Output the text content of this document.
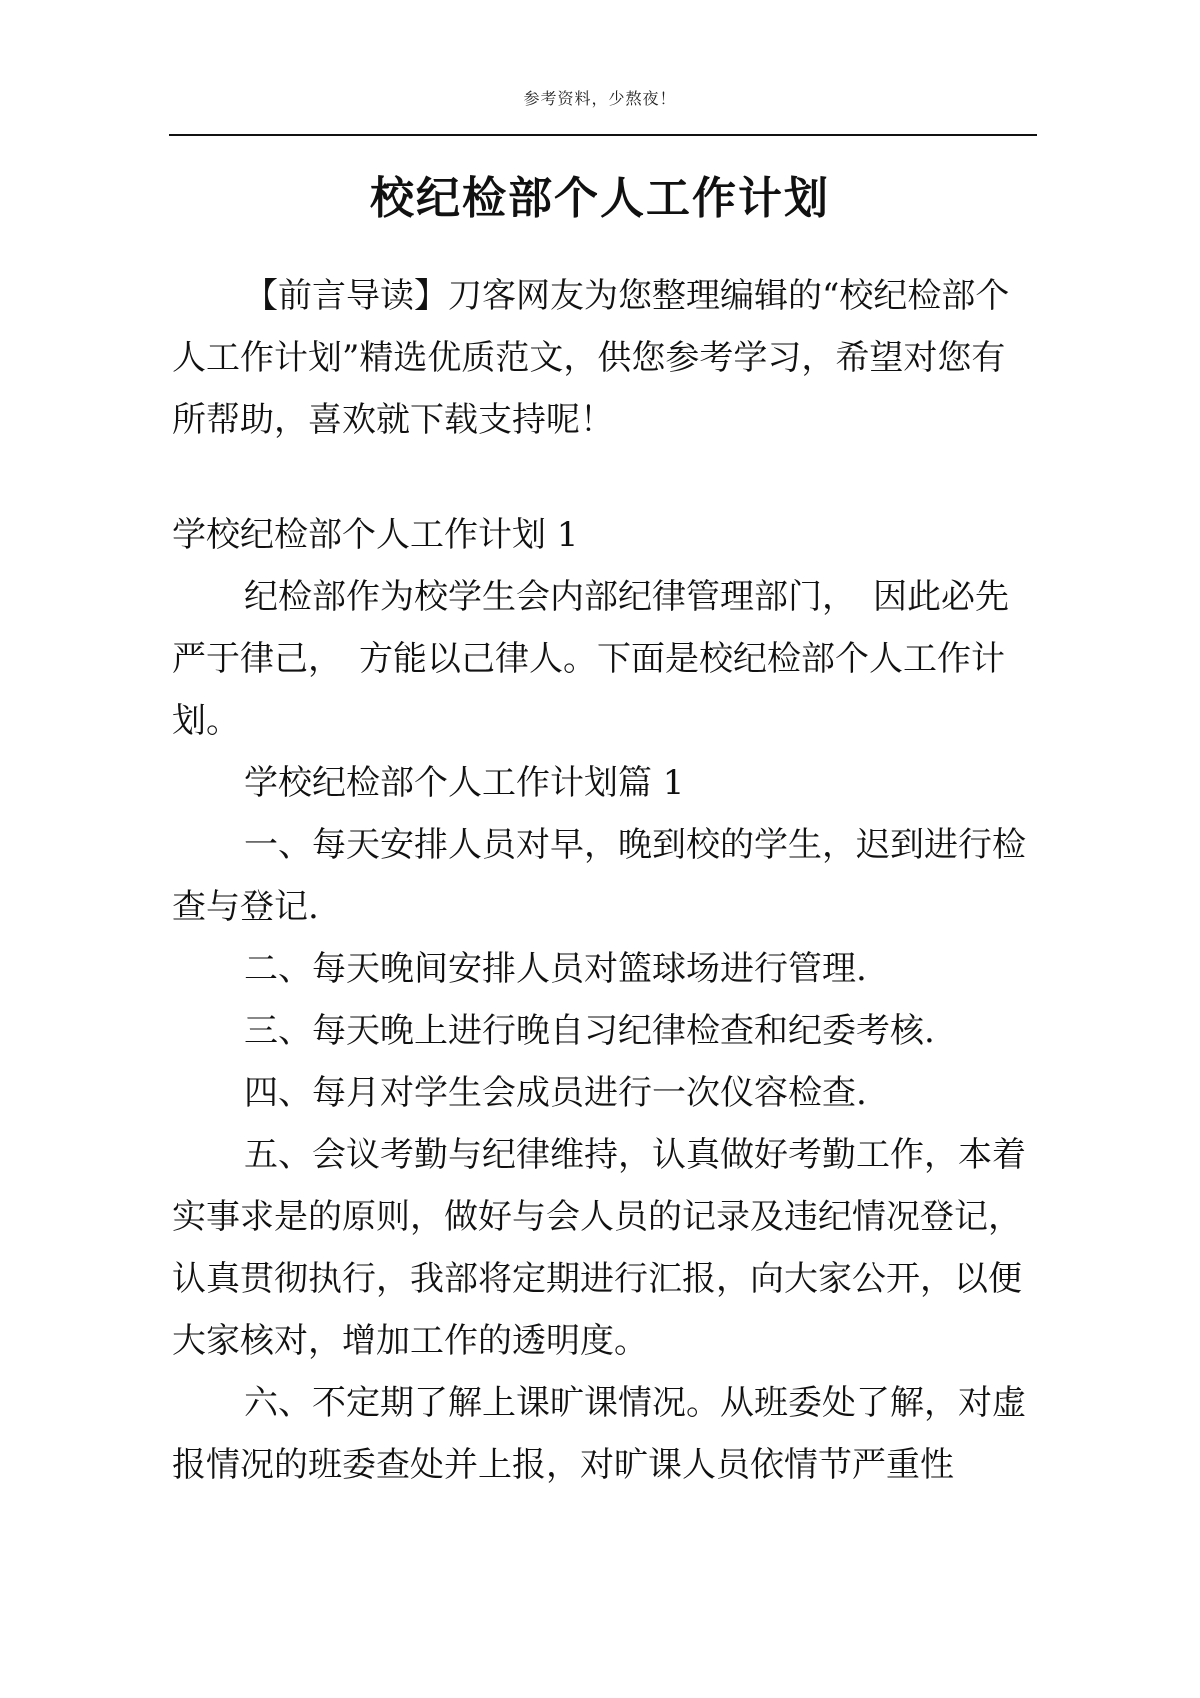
参考资料，少熬夜！
校纪检部个人工作计划

【前言导读】刀客网友为您整理编辑的“校纪检部个人工作计划”精选优质范文，供您参考学习，希望对您有所帮助，喜欢就下载支持呢！

学校纪检部个人工作计划 1

纪检部作为校学生会内部纪律管理部门，　因此必先严于律己，　方能以己律人。下面是校纪检部个人工作计划。

学校纪检部个人工作计划篇 1

一、每天安排人员对早，晚到校的学生，迟到进行检查与登记.

二、每天晚间安排人员对篮球场进行管理.

三、每天晚上进行晚自习纪律检查和纪委考核.

四、每月对学生会成员进行一次仪容检查.

五、会议考勤与纪律维持，认真做好考勤工作，本着实事求是的原则，做好与会人员的记录及违纪情况登记，认真贯彻执行，我部将定期进行汇报，向大家公开，以便大家核对，增加工作的透明度。

六、不定期了解上课旷课情况。从班委处了解，对虚报情况的班委查处并上报，对旷课人员依情节严重性
